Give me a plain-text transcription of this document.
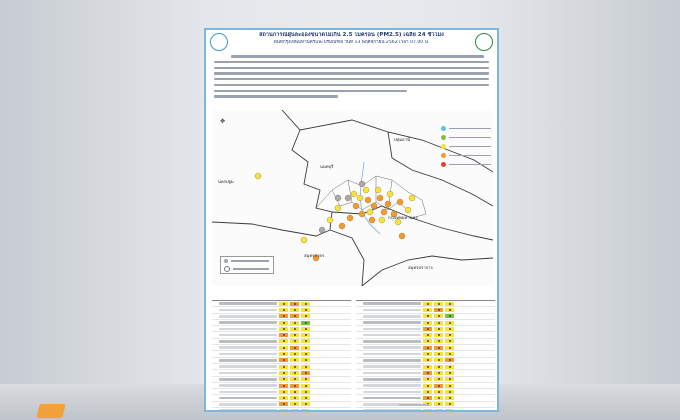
สถานการณ์ฝุ่นละอองขนาดไม่เกิน 2.5 ไมครอน (PM2.5) เฉลี่ย 24 ชั่วโมง
พื้นที่กรุงเทพมหานครและปริมณฑล วันที่ 13 พฤศจิกายน 2562 เวลา 07.00 น.
ปทุมธานี
นนทบุรี
นครปฐม
กรุงเทพมหานคร
สมุทรสาคร
สมุทรปราการ
✥
